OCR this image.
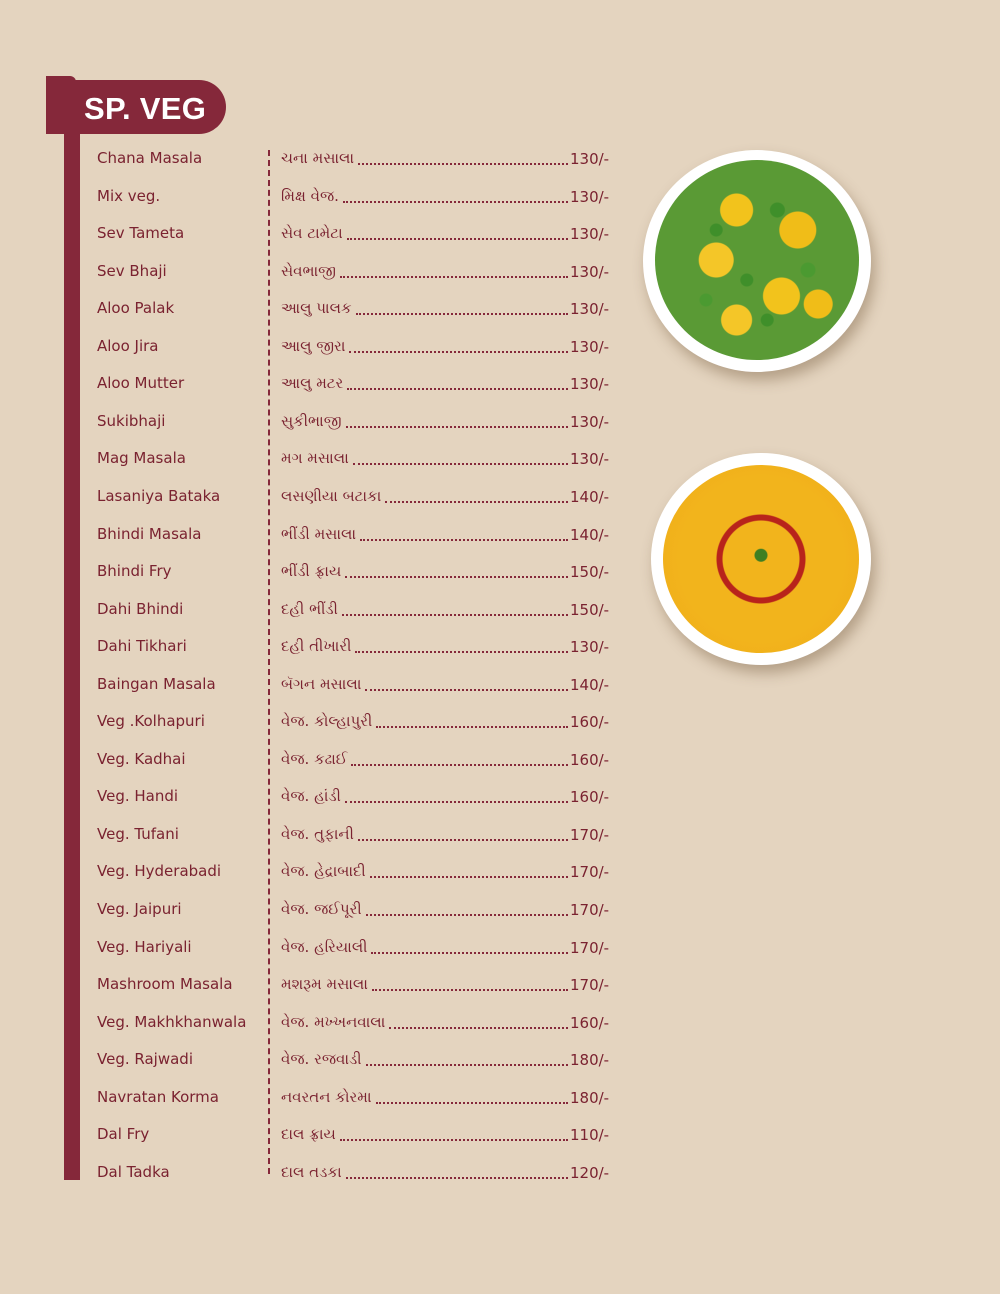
SP. VEG
Chana Masala	ચના મસાલા	130/-
Mix veg.	મિક્ષ વેજ.	130/-
Sev Tameta	સેવ ટામેટા	130/-
Sev Bhaji	સેવભાજી	130/-
Aloo Palak	આલુ પાલક	130/-
Aloo Jira	આલુ જીરા	130/-
Aloo Mutter	આલુ મટર	130/-
Sukibhaji	સુકીભાજી	130/-
Mag Masala	મગ મસાલા	130/-
Lasaniya Bataka	લસણીયા બટાકા	140/-
Bhindi Masala	ભીંડી મસાલા	140/-
Bhindi Fry	ભીંડી ફ્રાય	150/-
Dahi Bhindi	દહી ભીંડી	150/-
Dahi Tikhari	દહી તીખારી	130/-
Baingan Masala	બૅગન મસાલા	140/-
Veg .Kolhapuri	વેજ. કોલ્હાપુરી	160/-
Veg. Kadhai	વેજ. કઢાઈ	160/-
Veg. Handi	વેજ. હાંડી	160/-
Veg. Tufani	વેજ. તુફાની	170/-
Veg. Hyderabadi	વેજ. હેદ્રાબાદી	170/-
Veg. Jaipuri	વેજ. જઈપૂરી	170/-
Veg. Hariyali	વેજ. હરિયાલી	170/-
Mashroom Masala	મશરૂમ મસાલા	170/-
Veg. Makhkhanwala વેજ. મખ્ખનવાલા	160/-
Veg. Rajwadi	વેજ. રજવાડી	180/-
Navratan Korma	નવરતન કોરમા	180/-
Dal Fry	દાલ ફ્રાય	110/-
Dal Tadka	દાલ તડકા	120/-
